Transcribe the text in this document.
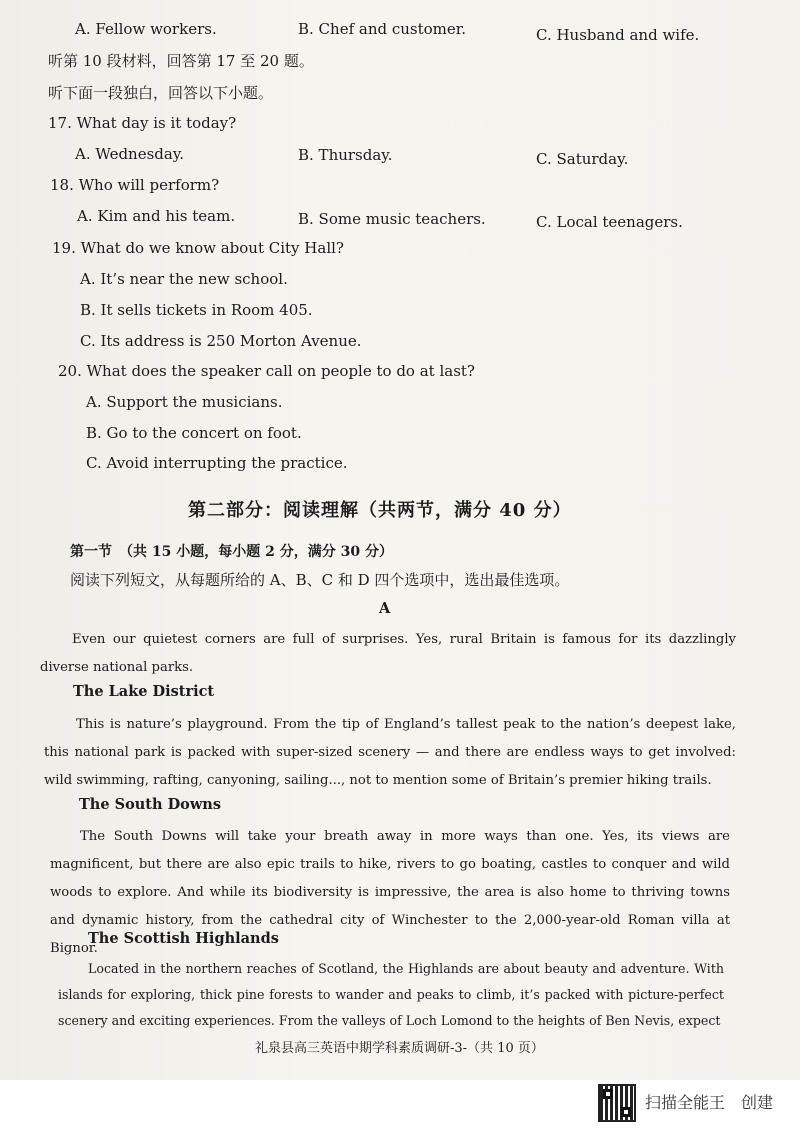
A. Fellow workers.	B. Chef and customer.	C. Husband and wife.
听第 10 段材料，回答第 17 至 20 题。
听下面一段独白，回答以下小题。
17. What day is it today?
A. Wednesday.	B. Thursday.	C. Saturday.
18. Who will perform?
A. Kim and his team.	B. Some music teachers.	C. Local teenagers.
19. What do we know about City Hall?
A. It’s near the new school.
B. It sells tickets in Room 405.
C. Its address is 250 Morton Avenue.
20. What does the speaker call on people to do at last?
A. Support the musicians.
B. Go to the concert on foot.
C. Avoid interrupting the practice.
第二部分：阅读理解（共两节，满分 40 分）
第一节　（共 15 小题，每小题 2 分，满分 30 分）
阅读下列短文，从每题所给的 A、B、C 和 D 四个选项中，选出最佳选项。
A
Even our quietest corners are full of surprises. Yes, rural Britain is famous for its dazzlingly diverse national parks.
The Lake District
This is nature’s playground. From the tip of England’s tallest peak to the nation’s deepest lake, this national park is packed with super-sized scenery — and there are endless ways to get involved: wild swimming, rafting, canyoning, sailing..., not to mention some of Britain’s premier hiking trails.
The South Downs
The South Downs will take your breath away in more ways than one. Yes, its views are magnificent, but there are also epic trails to hike, rivers to go boating, castles to conquer and wild woods to explore. And while its biodiversity is impressive, the area is also home to thriving towns and dynamic history, from the cathedral city of Winchester to the 2,000-year-old Roman villa at Bignor.
The Scottish Highlands
Located in the northern reaches of Scotland, the Highlands are about beauty and adventure. With islands for exploring, thick pine forests to wander and peaks to climb, it’s packed with picture-perfect scenery and exciting experiences. From the valleys of Loch Lomond to the heights of Ben Nevis, expect
礼泉县高三英语中期学科素质调研-3-（共 10 页）
扫描全能王　创建
